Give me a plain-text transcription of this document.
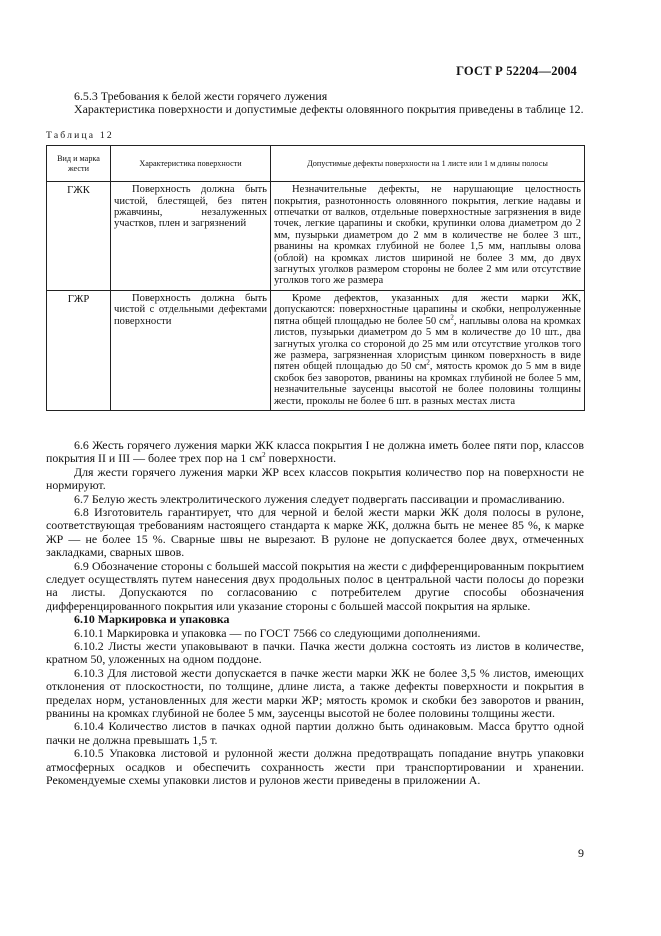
ГОСТ Р 52204—2004

6.5.3 Требования к белой жести горячего лужения

Характеристика поверхности и допустимые дефекты оловянного покрытия приведены в таблице 12.

Таблица 12
Вид и марка жести	Характеристика поверхности	Допустимые дефекты поверхности на 1 листе или 1 м длины полосы
ГЖК	Поверхность должна быть чистой, блестящей, без пятен ржавчины, незалуженных участков, плен и загрязнений	Незначительные дефекты, не нарушающие целостность покрытия, разнотонность оловянного покрытия, легкие надавы и отпечатки от валков, отдельные поверхностные загрязнения в виде точек, легкие царапины и скобки, крупинки олова диаметром до 2 мм, пузырьки диаметром до 2 мм в количестве не более 3 шт., рванины на кромках глубиной не более 1,5 мм, наплывы олова (облой) на кромках листов шириной не более 3 мм, до двух загнутых уголков размером стороны не более 2 мм или отсутствие уголков того же размера

ГЖР	Поверхность должна быть чистой с отдельными дефектами поверхности	Кроме дефектов, указанных для жести марки ЖК, допускаются: поверхностные царапины и скобки, непролуженные пятна общей площадью не более 50 $см^2$, наплывы олова на кромках листов, пузырьки диаметром до 5 мм в количестве до 10 шт., два загнутых уголка со стороной до 25 мм или отсутствие уголков того же размера, загрязненная хлористым цинком поверхность в виде пятен общей площадью до 50 $см^2$, мятость кромок до 5 мм в виде скобок без заворотов, рванины на кромках глубиной не более 5 мм, незначительные заусенцы высотой не более половины толщины жести, проколы не более 6 шт. в разных местах листа

6.6 Жесть горячего лужения марки ЖК класса покрытия I не должна иметь более пяти пор, классов покрытия II и III — более трех пор на 1 $см^2$ поверхности.

Для жести горячего лужения марки ЖР всех классов покрытия количество пор на поверхности не нормируют.

6.7 Белую жесть электролитического лужения следует подвергать пассивации и промасливанию.

6.8 Изготовитель гарантирует, что для черной и белой жести марки ЖК доля полосы в рулоне, соответствующая требованиям настоящего стандарта к марке ЖК, должна быть не менее 85 %, к марке ЖР — не более 15 %. Сварные швы не вырезают. В рулоне не допускается более двух, отмеченных закладками, сварных швов.

6.9 Обозначение стороны с большей массой покрытия на жести с дифференцированным покрытием следует осуществлять путем нанесения двух продольных полос в центральной части полосы до порезки на листы. Допускаются по согласованию с потребителем другие способы обозначения дифференцированного покрытия или указание стороны с большей массой покрытия на ярлыке.

6.10 Маркировка и упаковка

6.10.1 Маркировка и упаковка — по ГОСТ 7566 со следующими дополнениями.

6.10.2 Листы жести упаковывают в пачки. Пачка жести должна состоять из листов в количестве, кратном 50, уложенных на одном поддоне.

6.10.3 Для листовой жести допускается в пачке жести марки ЖК не более 3,5 % листов, имеющих отклонения от плоскостности, по толщине, длине листа, а также дефекты поверхности и покрытия в пределах норм, установленных для жести марки ЖР; мятость кромок и скобки без заворотов и рванин, рванины на кромках глубиной не более 5 мм, заусенцы высотой не более половины толщины жести.

6.10.4 Количество листов в пачках одной партии должно быть одинаковым. Масса брутто одной пачки не должна превышать 1,5 т.

6.10.5 Упаковка листовой и рулонной жести должна предотвращать попадание внутрь упаковки атмосферных осадков и обеспечить сохранность жести при транспортировании и хранении. Рекомендуемые схемы упаковки листов и рулонов жести приведены в приложении А.

9
